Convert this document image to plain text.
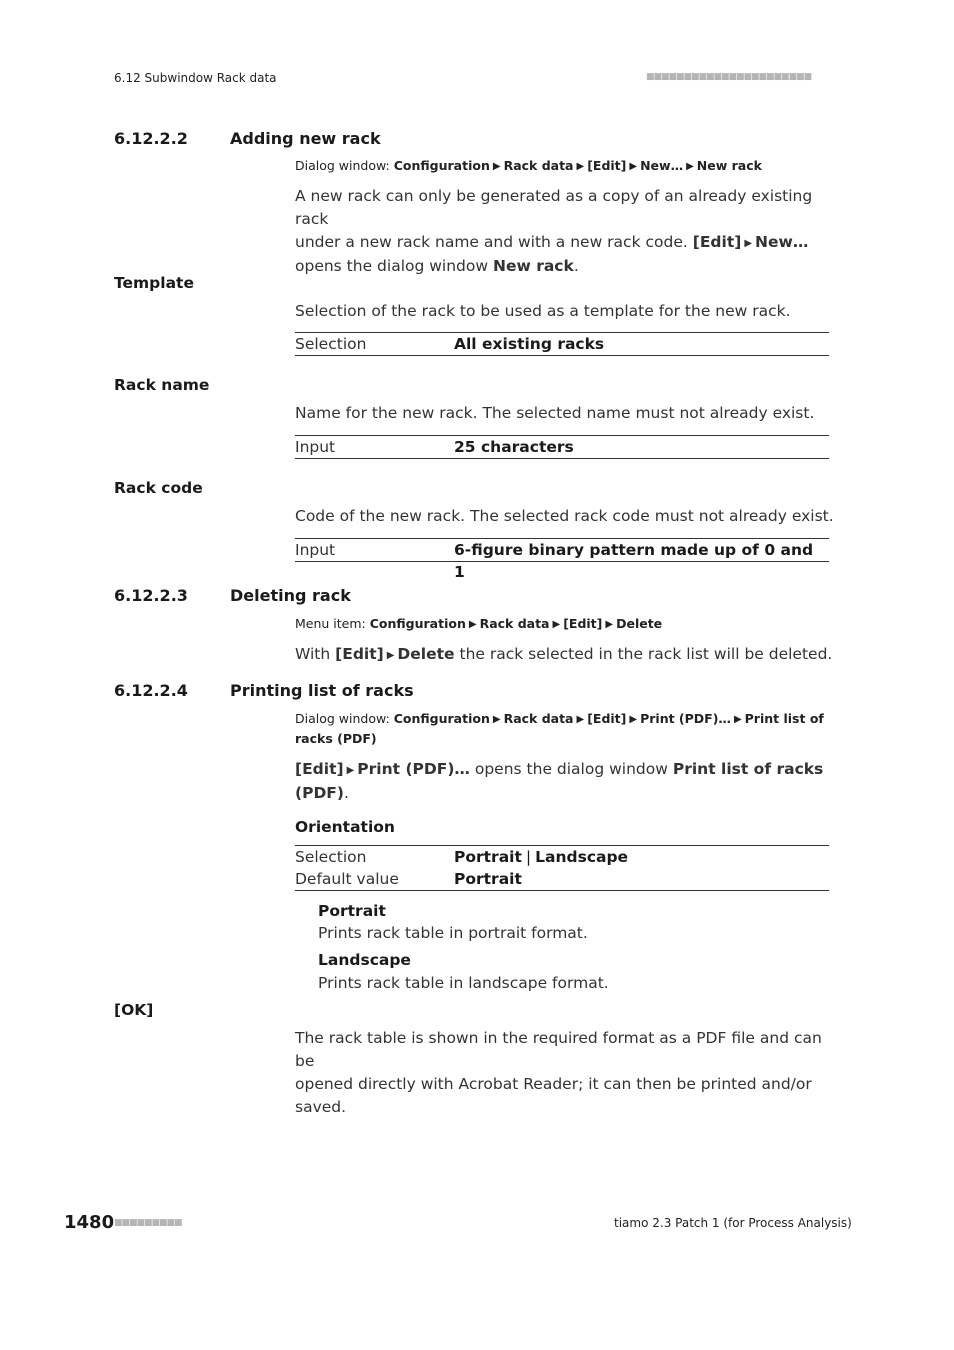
6.12 Subwindow Rack data	■■■■■■■■■■■■■■■■■■■■■■
6.12.2.2	Adding new rack
Dialog window: Configuration ▶ Rack data ▶ [Edit] ▶ New… ▶ New rack
A new rack can only be generated as a copy of an already existing rack
under a new rack name and with a new rack code. [Edit] ▶ New…
opens the dialog window New rack.
Template
Selection of the rack to be used as a template for the new rack.
Selection	All existing racks
Rack name
Name for the new rack. The selected name must not already exist.
Input	25 characters
Rack code
Code of the new rack. The selected rack code must not already exist.
Input	6-figure binary pattern made up of 0 and 1
6.12.2.3	Deleting rack
Menu item: Configuration ▶ Rack data ▶ [Edit] ▶ Delete
With [Edit] ▶ Delete the rack selected in the rack list will be deleted.
6.12.2.4	Printing list of racks
Dialog window: Configuration ▶ Rack data ▶ [Edit] ▶ Print (PDF)… ▶ Print list of
racks (PDF)
[Edit] ▶ Print (PDF)… opens the dialog window Print list of racks
(PDF).
Orientation
Selection	Portrait | Landscape
Default value	Portrait
Portrait
Prints rack table in portrait format.
Landscape
Prints rack table in landscape format.
[OK]
The rack table is shown in the required format as a PDF file and can be
opened directly with Acrobat Reader; it can then be printed and/or saved.
1480 ■■■■■■■■■	tiamo 2.3 Patch 1 (for Process Analysis)
